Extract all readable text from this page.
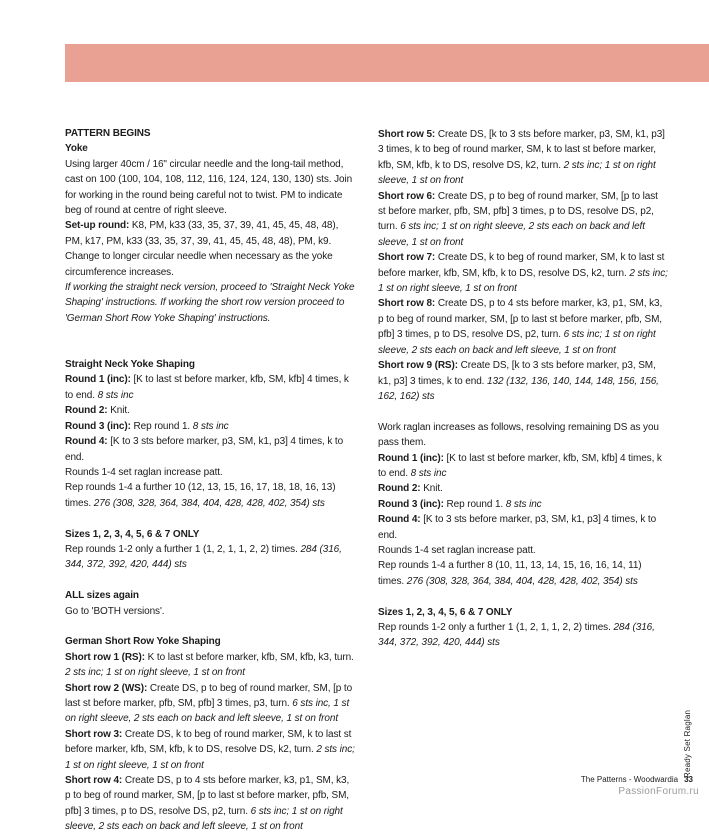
PATTERN BEGINS

Yoke

Using larger 40cm / 16" circular needle and the long-tail method, cast on 100 (100, 104, 108, 112, 116, 124, 124, 130, 130) sts. Join for working in the round being careful not to twist. PM to indicate beg of round at centre of right sleeve.

Set-up round: K8, PM, k33 (33, 35, 37, 39, 41, 45, 45, 48, 48), PM, k17, PM, k33 (33, 35, 37, 39, 41, 45, 45, 48, 48), PM, k9.

Change to longer circular needle when necessary as the yoke circumference increases.

If working the straight neck version, proceed to 'Straight Neck Yoke Shaping' instructions. If working the short row version proceed to 'German Short Row Yoke Shaping' instructions.

Straight Neck Yoke Shaping

Round 1 (inc): [K to last st before marker, kfb, SM, kfb] 4 times, k to end. 8 sts inc

Round 2: Knit.

Round 3 (inc): Rep round 1. 8 sts inc

Round 4: [K to 3 sts before marker, p3, SM, k1, p3] 4 times, k to end.

Rounds 1-4 set raglan increase patt.

Rep rounds 1-4 a further 10 (12, 13, 15, 16, 17, 18, 18, 16, 13) times. 276 (308, 328, 364, 384, 404, 428, 428, 402, 354) sts

Sizes 1, 2, 3, 4, 5, 6 & 7 ONLY

Rep rounds 1-2 only a further 1 (1, 2, 1, 1, 2, 2) times. 284 (316, 344, 372, 392, 420, 444) sts

ALL sizes again

Go to 'BOTH versions'.

German Short Row Yoke Shaping

Short row 1 (RS): K to last st before marker, kfb, SM, kfb, k3, turn. 2 sts inc; 1 st on right sleeve, 1 st on front

Short row 2 (WS): Create DS, p to beg of round marker, SM, [p to last st before marker, pfb, SM, pfb] 3 times, p3, turn. 6 sts inc, 1 st on right sleeve, 2 sts each on back and left sleeve, 1 st on front

Short row 3: Create DS, k to beg of round marker, SM, k to last st before marker, kfb, SM, kfb, k to DS, resolve DS, k2, turn. 2 sts inc; 1 st on right sleeve, 1 st on front

Short row 4: Create DS, p to 4 sts before marker, k3, p1, SM, k3, p to beg of round marker, SM, [p to last st before marker, pfb, SM, pfb] 3 times, p to DS, resolve DS, p2, turn. 6 sts inc; 1 st on right sleeve, 2 sts each on back and left sleeve, 1 st on front

Short row 5: Create DS, [k to 3 sts before marker, p3, SM, k1, p3] 3 times, k to beg of round marker, SM, k to last st before marker, kfb, SM, kfb, k to DS, resolve DS, k2, turn. 2 sts inc; 1 st on right sleeve, 1 st on front

Short row 6: Create DS, p to beg of round marker, SM, [p to last st before marker, pfb, SM, pfb] 3 times, p to DS, resolve DS, p2, turn. 6 sts inc; 1 st on right sleeve, 2 sts each on back and left sleeve, 1 st on front

Short row 7: Create DS, k to beg of round marker, SM, k to last st before marker, kfb, SM, kfb, k to DS, resolve DS, k2, turn. 2 sts inc; 1 st on right sleeve, 1 st on front

Short row 8: Create DS, p to 4 sts before marker, k3, p1, SM, k3, p to beg of round marker, SM, [p to last st before marker, pfb, SM, pfb] 3 times, p to DS, resolve DS, p2, turn. 6 sts inc; 1 st on right sleeve, 2 sts each on back and left sleeve, 1 st on front

Short row 9 (RS): Create DS, [k to 3 sts before marker, p3, SM, k1, p3] 3 times, k to end. 132 (132, 136, 140, 144, 148, 156, 156, 162, 162) sts

Work raglan increases as follows, resolving remaining DS as you pass them.

Round 1 (inc): [K to last st before marker, kfb, SM, kfb] 4 times, k to end. 8 sts inc

Round 2: Knit.

Round 3 (inc): Rep round 1. 8 sts inc

Round 4: [K to 3 sts before marker, p3, SM, k1, p3] 4 times, k to end.

Rounds 1-4 set raglan increase patt.

Rep rounds 1-4 a further 8 (10, 11, 13, 14, 15, 16, 16, 14, 11) times. 276 (308, 328, 364, 384, 404, 428, 428, 402, 354) sts

Sizes 1, 2, 3, 4, 5, 6 & 7 ONLY

Rep rounds 1-2 only a further 1 (1, 2, 1, 1, 2, 2) times. 284 (316, 344, 372, 392, 420, 444) sts

Ready Set Raglan
The Patterns - Woodwardia 33
PassionForum.ru
